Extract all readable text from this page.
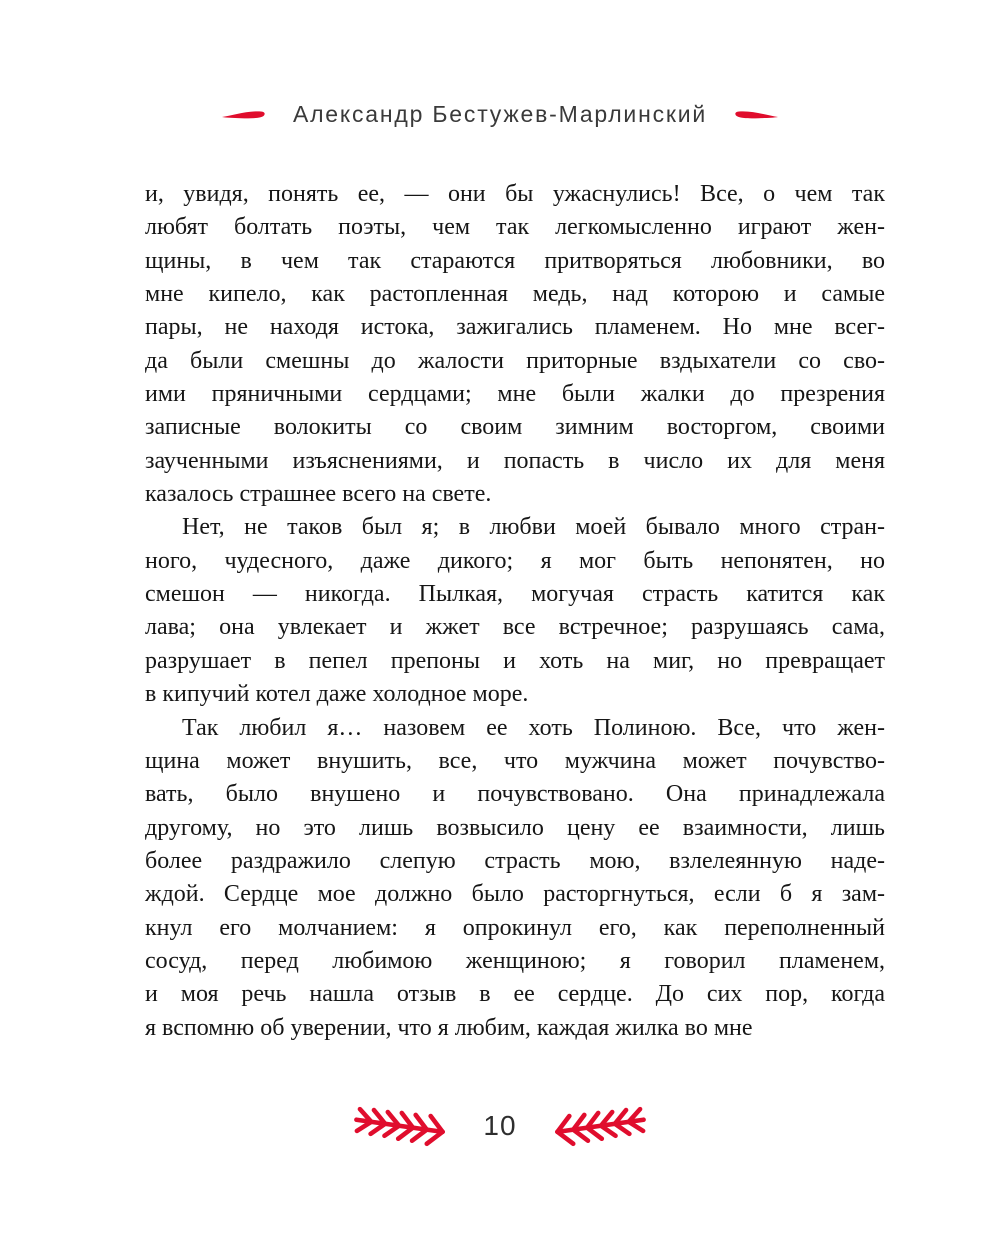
Александр Бестужев-Марлинский
и, увидя, понять ее, — они бы ужаснулись! Все, о чем так
любят болтать поэты, чем так легкомысленно играют жен-
щины, в чем так стараются притворяться любовники, во
мне кипело, как растопленная медь, над которою и самые
пары, не находя истока, зажигались пламенем. Но мне всег-
да были смешны до жалости приторные вздыхатели со сво-
ими пряничными сердцами; мне были жалки до презрения
записные волокиты со своим зимним восторгом, своими
заученными изъяснениями, и попасть в число их для меня
казалось страшнее всего на свете.
Нет, не таков был я; в любви моей бывало много стран-
ного, чудесного, даже дикого; я мог быть непонятен, но
смешон — никогда. Пылкая, могучая страсть катится как
лава; она увлекает и жжет все встречное; разрушаясь сама,
разрушает в пепел препоны и хоть на миг, но превращает
в кипучий котел даже холодное море.
Так любил я… назовем ее хоть Полиною. Все, что жен-
щина может внушить, все, что мужчина может почувство-
вать, было внушено и почувствовано. Она принадлежала
другому, но это лишь возвысило цену ее взаимности, лишь
более раздражило слепую страсть мою, взлелеянную наде-
ждой. Сердце мое должно было расторгнуться, если б я зам-
кнул его молчанием: я опрокинул его, как переполненный
сосуд, перед любимою женщиною; я говорил пламенем,
и моя речь нашла отзыв в ее сердце. До сих пор, когда
я вспомню об уверении, что я любим, каждая жилка во мне
10
